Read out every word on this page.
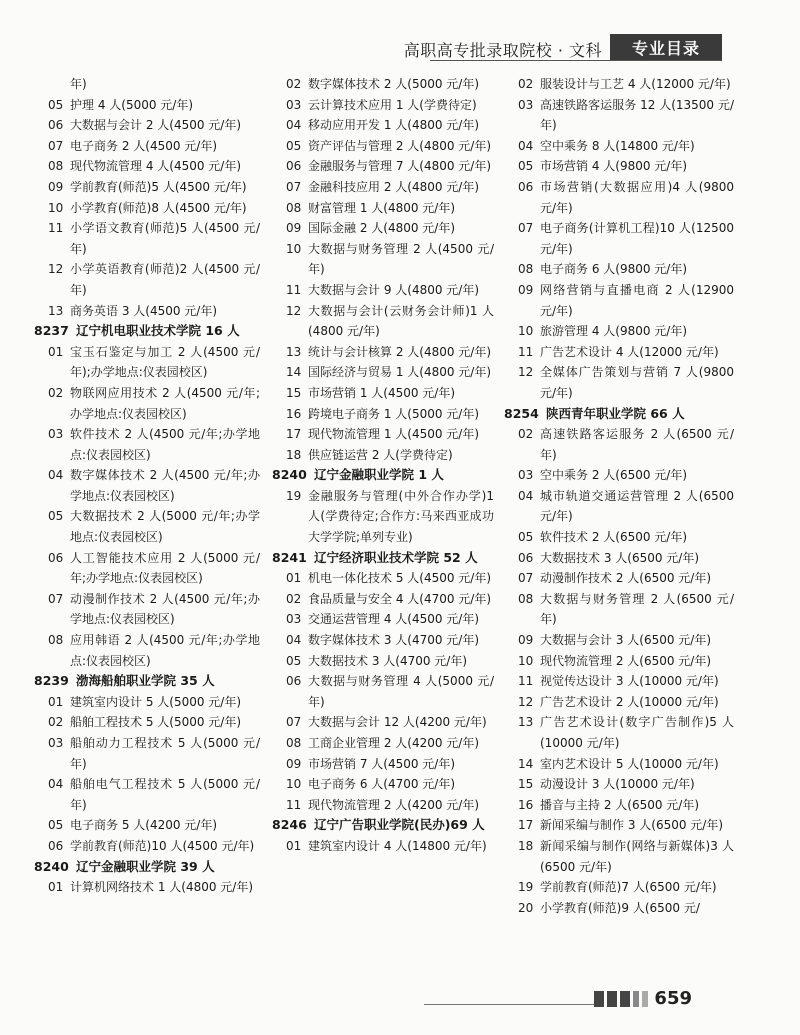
高职高专批录取院校 · 文科	专业目录
年)
05 护理 4 人(5000 元/年)
06 大数据与会计 2 人(4500 元/年)
07 电子商务 2 人(4500 元/年)
08 现代物流管理 4 人(4500 元/年)
09 学前教育(师范)5 人(4500 元/年)
10 小学教育(师范)8 人(4500 元/年)
11 小学语文教育(师范)5 人(4500 元/年)
12 小学英语教育(师范)2 人(4500 元/年)
13 商务英语 3 人(4500 元/年)
8237 辽宁机电职业技术学院 16 人
01 宝玉石鉴定与加工 2 人(4500 元/年);办学地点:仪表园校区)
02 物联网应用技术 2 人(4500 元/年;办学地点:仪表园校区)
03 软件技术 2 人(4500 元/年;办学地点:仪表园校区)
04 数字媒体技术 2 人(4500 元/年;办学地点:仪表园校区)
05 大数据技术 2 人(5000 元/年;办学地点:仪表园校区)
06 人工智能技术应用 2 人(5000 元/年;办学地点:仪表园校区)
07 动漫制作技术 2 人(4500 元/年;办学地点:仪表园校区)
08 应用韩语 2 人(4500 元/年;办学地点:仪表园校区)
8239 渤海船舶职业学院 35 人
01 建筑室内设计 5 人(5000 元/年)
02 船舶工程技术 5 人(5000 元/年)
03 船舶动力工程技术 5 人(5000 元/年)
04 船舶电气工程技术 5 人(5000 元/年)
05 电子商务 5 人(4200 元/年)
06 学前教育(师范)10 人(4500 元/年)
8240 辽宁金融职业学院 39 人
01 计算机网络技术 1 人(4800 元/年)
02 数字媒体技术 2 人(5000 元/年)
03 云计算技术应用 1 人(学费待定)
04 移动应用开发 1 人(4800 元/年)
05 资产评估与管理 2 人(4800 元/年)
06 金融服务与管理 7 人(4800 元/年)
07 金融科技应用 2 人(4800 元/年)
08 财富管理 1 人(4800 元/年)
09 国际金融 2 人(4800 元/年)
10 大数据与财务管理 2 人(4500 元/年)
11 大数据与会计 9 人(4800 元/年)
12 大数据与会计(云财务会计师)1 人(4800 元/年)
13 统计与会计核算 2 人(4800 元/年)
14 国际经济与贸易 1 人(4800 元/年)
15 市场营销 1 人(4500 元/年)
16 跨境电子商务 1 人(5000 元/年)
17 现代物流管理 1 人(4500 元/年)
18 供应链运营 2 人(学费待定)
8240 辽宁金融职业学院 1 人
19 金融服务与管理(中外合作办学)1 人(学费待定;合作方:马来西亚成功大学学院;单列专业)
8241 辽宁经济职业技术学院 52 人
01 机电一体化技术 5 人(4500 元/年)
02 食品质量与安全 4 人(4700 元/年)
03 交通运营管理 4 人(4500 元/年)
04 数字媒体技术 3 人(4700 元/年)
05 大数据技术 3 人(4700 元/年)
06 大数据与财务管理 4 人(5000 元/年)
07 大数据与会计 12 人(4200 元/年)
08 工商企业管理 2 人(4200 元/年)
09 市场营销 7 人(4500 元/年)
10 电子商务 6 人(4700 元/年)
11 现代物流管理 2 人(4200 元/年)
8246 辽宁广告职业学院(民办)69 人
01 建筑室内设计 4 人(14800 元/年)
02 服装设计与工艺 4 人(12000 元/年)
03 高速铁路客运服务 12 人(13500 元/年)
04 空中乘务 8 人(14800 元/年)
05 市场营销 4 人(9800 元/年)
06 市场营销(大数据应用)4 人(9800 元/年)
07 电子商务(计算机工程)10 人(12500 元/年)
08 电子商务 6 人(9800 元/年)
09 网络营销与直播电商 2 人(12900 元/年)
10 旅游管理 4 人(9800 元/年)
11 广告艺术设计 4 人(12000 元/年)
12 全媒体广告策划与营销 7 人(9800 元/年)
8254 陕西青年职业学院 66 人
02 高速铁路客运服务 2 人(6500 元/年)
03 空中乘务 2 人(6500 元/年)
04 城市轨道交通运营管理 2 人(6500 元/年)
05 软件技术 2 人(6500 元/年)
06 大数据技术 3 人(6500 元/年)
07 动漫制作技术 2 人(6500 元/年)
08 大数据与财务管理 2 人(6500 元/年)
09 大数据与会计 3 人(6500 元/年)
10 现代物流管理 2 人(6500 元/年)
11 视觉传达设计 3 人(10000 元/年)
12 广告艺术设计 2 人(10000 元/年)
13 广告艺术设计(数字广告制作)5 人(10000 元/年)
14 室内艺术设计 5 人(10000 元/年)
15 动漫设计 3 人(10000 元/年)
16 播音与主持 2 人(6500 元/年)
17 新闻采编与制作 3 人(6500 元/年)
18 新闻采编与制作(网络与新媒体)3 人(6500 元/年)
19 学前教育(师范)7 人(6500 元/年)
20 小学教育(师范)9 人(6500 元/
659
